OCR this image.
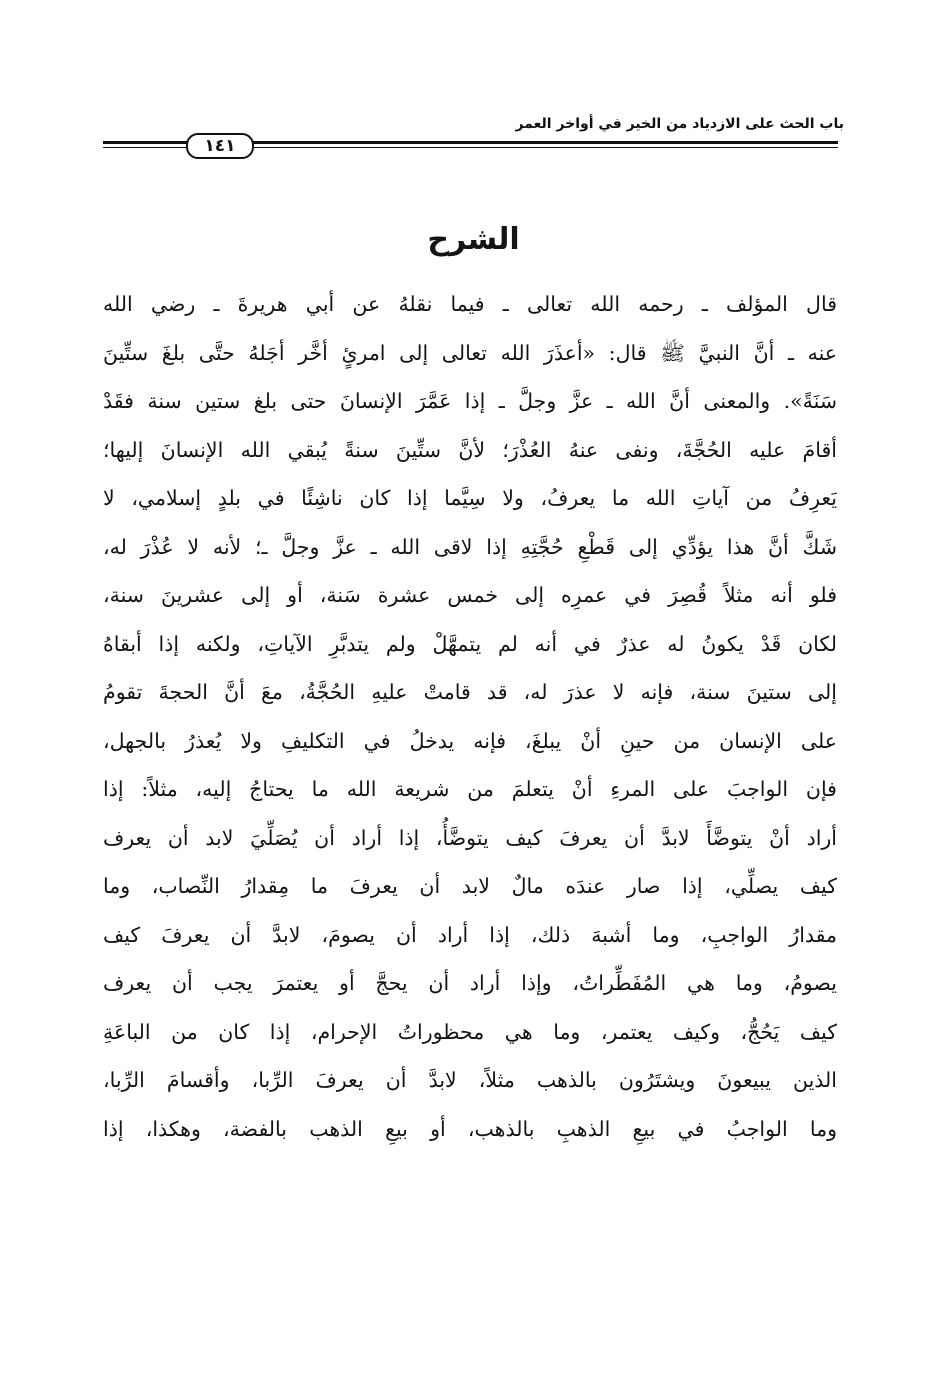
باب الحث على الازدياد من الخير في أواخر العمر
١٤١
الشرح
قال المؤلف ـ رحمه الله تعالى ـ فيما نقلهُ عن أبي هريرةَ ـ رضي الله
عنه ـ أنَّ النبيَّ ﷺ قال: «أعذَرَ الله تعالى إلى امرئٍ أخَّر أجَلهُ حتَّى بلغَ ستِّينَ
سَنَةً». والمعنى أنَّ الله ـ عزَّ وجلَّ ـ إذا عَمَّرَ الإنسانَ حتى بلغ ستين سنة فقَدْ
أقامَ عليه الحُجَّةَ، ونفى عنهُ العُذْرَ؛ لأنَّ ستِّينَ سنةً يُبقي الله الإنسانَ إليها؛
يَعرِفُ من آياتِ الله ما يعرفُ، ولا سِيَّما إذا كان ناشِئًا في بلدٍ إسلامي، لا
شَكَّ أنَّ هذا يؤدِّي إلى قَطْعِ حُجَّتِهِ إذا لاقى الله ـ عزَّ وجلَّ ـ؛ لأنه لا عُذْرَ له،
فلو أنه مثلاً قُصِرَ في عمرِه إلى خمس عشرة سَنة، أو إلى عشرينَ سنة،
لكان قَدْ يكونُ له عذرٌ في أنه لم يتمهَّلْ ولم يتدبَّرِ الآياتِ، ولكنه إذا أبقاهُ
إلى ستينَ سنة، فإنه لا عذرَ له، قد قامتْ عليهِ الحُجَّةُ، معَ أنَّ الحجةَ تقومُ
على الإنسان من حينِ أنْ يبلغَ، فإنه يدخلُ في التكليفِ ولا يُعذرُ بالجهل،
فإن الواجبَ على المرءِ أنْ يتعلمَ من شريعة الله ما يحتاجُ إليه، مثلاً: إذا
أراد أنْ يتوضَّأَ لابدَّ أن يعرفَ كيف يتوضَّأُ، إذا أراد أن يُصَلِّيَ لابد أن يعرف
كيف يصلِّي، إذا صار عندَه مالٌ لابد أن يعرفَ ما مِقدارُ النِّصاب، وما
مقدارُ الواجبِ، وما أشبهَ ذلك، إذا أراد أن يصومَ، لابدَّ أن يعرفَ كيف
يصومُ، وما هي المُفَطِّراتُ، وإذا أراد أن يحجَّ أو يعتمرَ يجب أن يعرف
كيف يَحُجُّ، وكيف يعتمر، وما هي محظوراتُ الإحرام، إذا كان من الباعَةِ
الذين يبيعونَ ويشتَرُون بالذهب مثلاً، لابدَّ أن يعرفَ الرِّبا، وأقسامَ الرِّبا،
وما الواجبُ في بيعِ الذهبِ بالذهب، أو بيعِ الذهب بالفضة، وهكذا، إذا
